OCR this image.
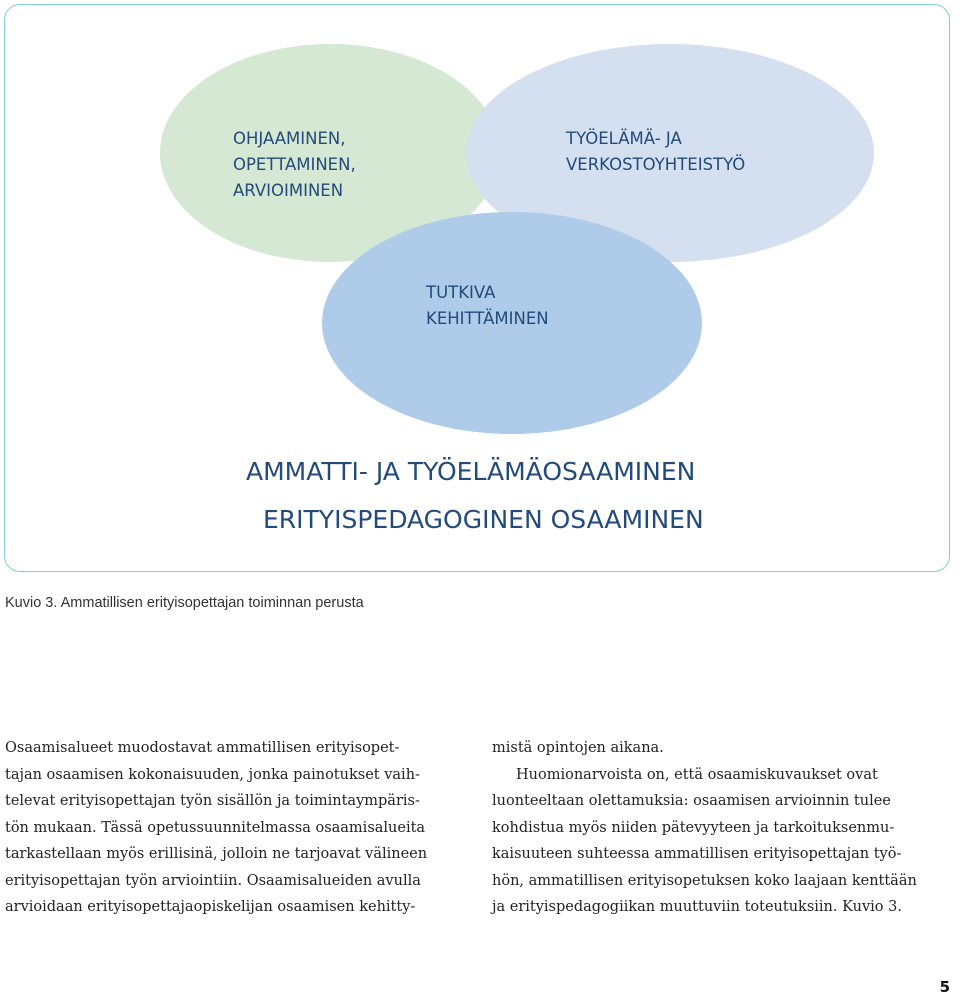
OHJAAMINEN,
OPETTAMINEN,
ARVIOIMINEN
TYÖELÄMÄ- JA
VERKOSTOYHTEISTYÖ
TUTKIVA
KEHITTÄMINEN
AMMATTI- JA TYÖELÄMÄOSAAMINEN
ERITYISPEDAGOGINEN OSAAMINEN
Kuvio 3. Ammatillisen erityisopettajan toiminnan perusta

Osaamisalueet muodostavat ammatillisen erityisopet-

tajan osaamisen kokonaisuuden, jonka painotukset vaih-

televat erityisopettajan työn sisällön ja toimintaympäris-

tön mukaan. Tässä opetussuunnitelmassa osaamisalueita

tarkastellaan myös erillisinä, jolloin ne tarjoavat välineen

erityisopettajan työn arviointiin. Osaamisalueiden avulla

arvioidaan erityisopettajaopiskelijan osaamisen kehitty-

mistä opintojen aikana.

Huomionarvoista on, että osaamiskuvaukset ovat

luonteeltaan olettamuksia: osaamisen arvioinnin tulee

kohdistua myös niiden pätevyyteen ja tarkoituksenmu-

kaisuuteen suhteessa ammatillisen erityisopettajan työ-

hön, ammatillisen erityisopetuksen koko laajaan kenttään

ja erityispedagogiikan muuttuviin toteutuksiin. Kuvio 3.

5
